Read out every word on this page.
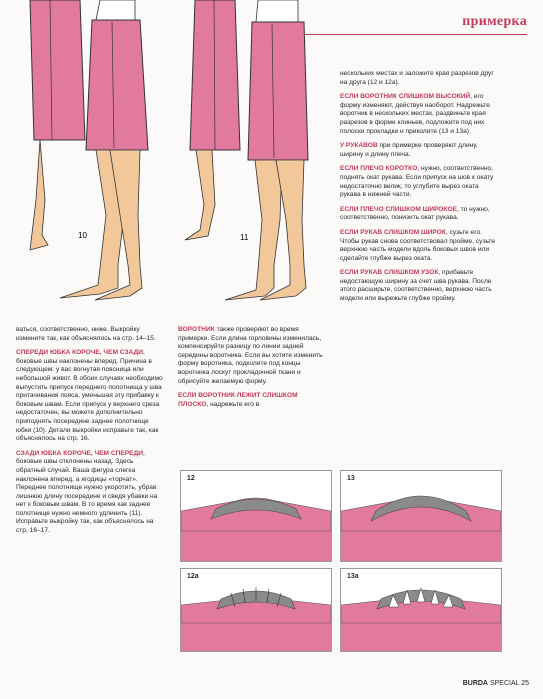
примерка
10	11

ваться, соответственно, ниже. Выкройку измените так, как объяснялось на стр. 14–15.

СПЕРЕДИ ЮБКА КОРОЧЕ, ЧЕМ СЗАДИ, боковые швы наклонены вперед. Причина в следующем: у вас вогнутая поясница или небольшой живот. В обоих случаях необходимо выпустить припуск переднего полотнища у шва притачивания пояса, уменьшая эту прибавку к боковым швам. Если припуск у верхнего среза недостаточен, вы можете дополнительно приподнять посередине заднее полотнище юбки (10). Детали выкройки исправьте так, как объяснялось на стр. 16.

СЗАДИ ЮБКА КОРОЧЕ, ЧЕМ СПЕРЕДИ, боковые швы отклонены назад. Здесь обратный случай. Ваша фигура слегка наклонена вперед, а ягодицы «торчат». Переднее полотнище нужно укоротить, убрав лишнюю длину посередине и сведя убавки на нет к боковым швам. В то время как заднее полотнище нужно немного удлинить (11). Исправьте выкройку так, как объяснялось на стр. 16–17.

ВОРОТНИК также проверяют во время примерки. Если длина горловины изменилась, компенсируйте разницу по линии задней середины воротника. Если вы хотите изменить форму воротника, подколите под концы воротника лоскут прокладочной ткани и обрисуйте желаемую форму.

ЕСЛИ ВОРОТНИК ЛЕЖИТ СЛИШКОМ ПЛОСКО, надрежьте его в

нескольких местах и заложите края разрезов друг на друга (12 и 12а).

ЕСЛИ ВОРОТНИК СЛИШКОМ ВЫСОКИЙ, его форму изменяют, действуя наоборот. Надрежьте воротник в нескольких местах, раздвиньте края разрезов в форме клиньев, подложите под них полоски прокладки и приколите (13 и 13а).

У РУКАВОВ при примерке проверяют длину, ширину и длину плеча.

ЕСЛИ ПЛЕЧО КОРОТКО, нужно, соответственно, поднять окат рукава. Если припуск на шов к окату недостаточно велик, то углубите вырез оката рукава в нижней части.

ЕСЛИ ПЛЕЧО СЛИШКОМ ШИРОКОЕ, то нужно, соответственно, понизить окат рукава.

ЕСЛИ РУКАВ СЛИШКОМ ШИРОК, сузьте его. Чтобы рукав снова соответствовал пройме, сузьте верхнюю часть модели вдоль боковых швов или сделайте глубже вырез оката.

ЕСЛИ РУКАВ СЛИШКОМ УЗОК, прибавьте недостающую ширину за счет шва рукава. После этого расширьте, соответственно, верхнюю часть модели или вырежьте глубже пройму.

12	13
12a	13a
BURDA SPECIAL 25
